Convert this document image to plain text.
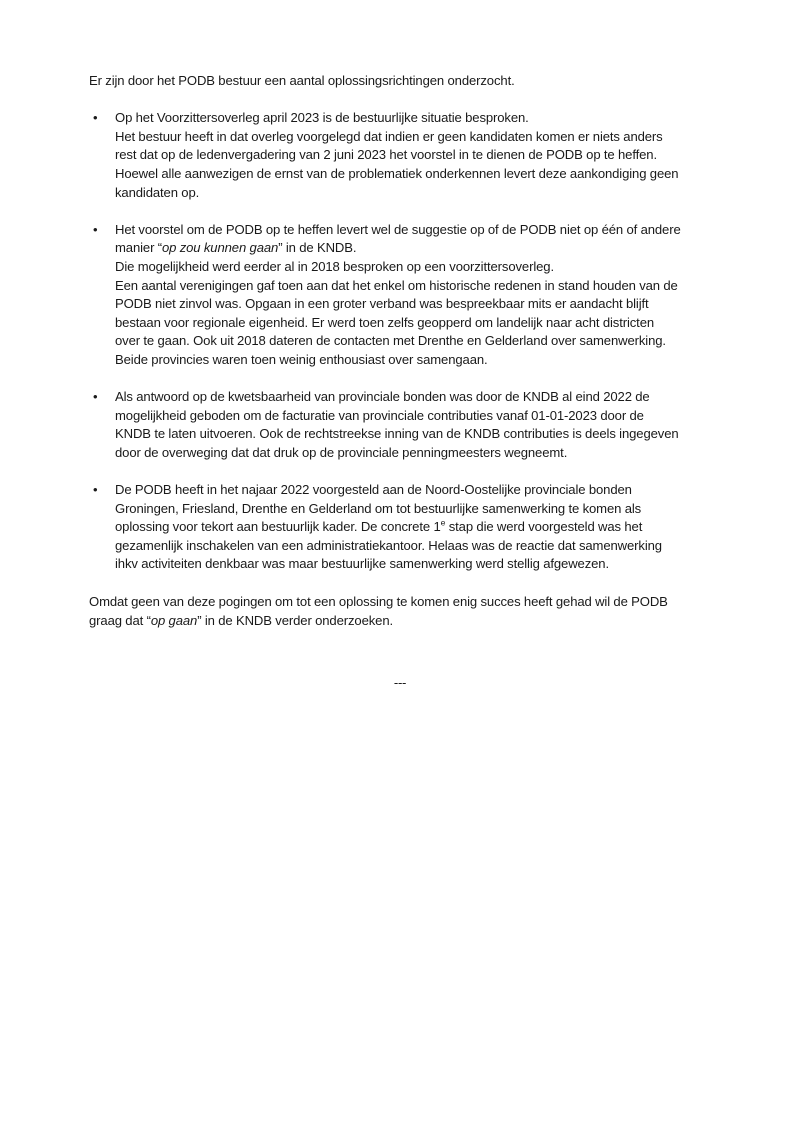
Er zijn door het PODB bestuur een aantal oplossingsrichtingen onderzocht.

•	Op het Voorzittersoverleg april 2023 is de bestuurlijke situatie besproken.
Het bestuur heeft in dat overleg voorgelegd dat indien er geen kandidaten komen er niets anders
rest dat op de ledenvergadering van 2 juni 2023 het voorstel in te dienen de PODB op te heffen.
Hoewel alle aanwezigen de ernst van de problematiek onderkennen levert deze aankondiging geen
kandidaten op.
•	Het voorstel om de PODB op te heffen levert wel de suggestie op of de PODB niet op één of andere
manier “op zou kunnen gaan” in de KNDB.
Die mogelijkheid werd eerder al in 2018 besproken op een voorzittersoverleg.
Een aantal verenigingen gaf toen aan dat het enkel om historische redenen in stand houden van de
PODB niet zinvol was. Opgaan in een groter verband was bespreekbaar mits er aandacht blijft
bestaan voor regionale eigenheid. Er werd toen zelfs geopperd om landelijk naar acht districten
over te gaan. Ook uit 2018 dateren de contacten met Drenthe en Gelderland over samenwerking.
Beide provincies waren toen weinig enthousiast over samengaan.
•	Als antwoord op de kwetsbaarheid van provinciale bonden was door de KNDB al eind 2022 de
mogelijkheid geboden om de facturatie van provinciale contributies vanaf 01-01-2023 door de
KNDB te laten uitvoeren. Ook de rechtstreekse inning van de KNDB contributies is deels ingegeven
door de overweging dat dat druk op de provinciale penningmeesters wegneemt.
•	De PODB heeft in het najaar 2022 voorgesteld aan de Noord-Oostelijke provinciale bonden
Groningen, Friesland, Drenthe en Gelderland om tot bestuurlijke samenwerking te komen als
oplossing voor tekort aan bestuurlijk kader. De concrete 1e stap die werd voorgesteld was het
gezamenlijk inschakelen van een administratiekantoor. Helaas was de reactie dat samenwerking
ihkv activiteiten denkbaar was maar bestuurlijke samenwerking werd stellig afgewezen.

Omdat geen van deze pogingen om tot een oplossing te komen enig succes heeft gehad wil de PODB
graag dat “op gaan” in de KNDB verder onderzoeken.

---
